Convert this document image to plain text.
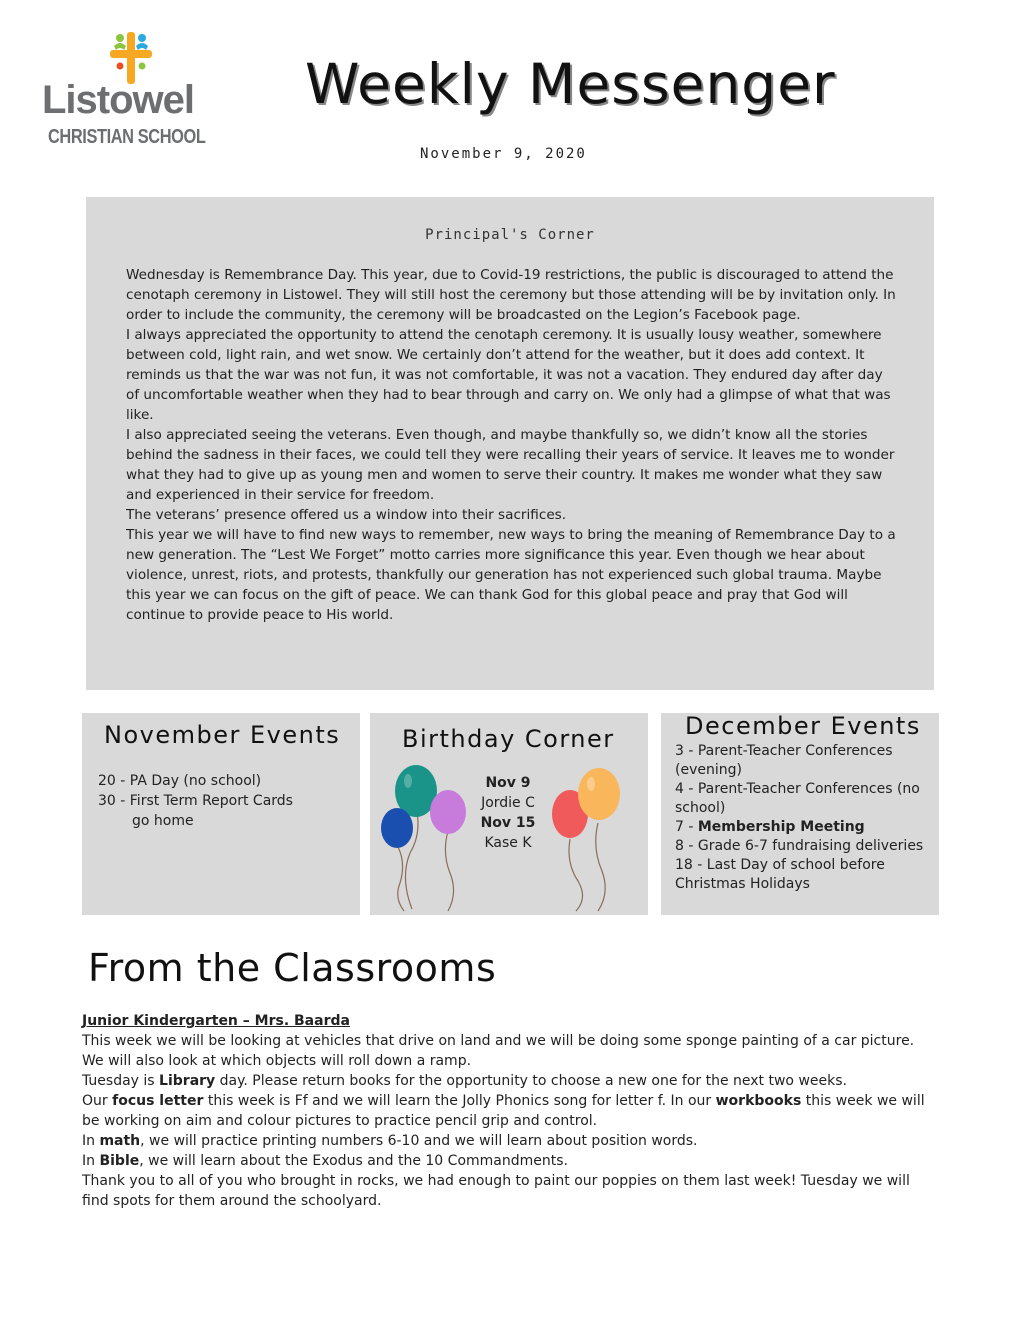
Listowel
CHRISTIAN SCHOOL
Weekly Messenger
November 9, 2020
Principal's Corner

Wednesday is Remembrance Day. This year, due to Covid-19 restrictions, the public is discouraged to attend the cenotaph ceremony in Listowel. They will still host the ceremony but those attending will be by invitation only. In order to include the community, the ceremony will be broadcasted on the Legion’s Facebook page.

I always appreciated the opportunity to attend the cenotaph ceremony. It is usually lousy weather, somewhere between cold, light rain, and wet snow. We certainly don’t attend for the weather, but it does add context. It reminds us that the war was not fun, it was not comfortable, it was not a vacation. They endured day after day of uncomfortable weather when they had to bear through and carry on. We only had a glimpse of what that was like.

I also appreciated seeing the veterans. Even though, and maybe thankfully so, we didn’t know all the stories behind the sadness in their faces, we could tell they were recalling their years of service. It leaves me to wonder what they had to give up as young men and women to serve their country. It makes me wonder what they saw and experienced in their service for freedom.

The veterans’ presence offered us a window into their sacrifices.

This year we will have to find new ways to remember, new ways to bring the meaning of Remembrance Day to a new generation. The “Lest We Forget” motto carries more significance this year. Even though we hear about violence, unrest, riots, and protests, thankfully our generation has not experienced such global trauma. Maybe this year we can focus on the gift of peace. We can thank God for this global peace and pray that God will continue to provide peace to His world.

November Events
20 - PA Day (no school)
30 - First Term Report Cards
go home
Birthday Corner
Nov 9
Jordie C
Nov 15
Kase K
December Events
3 - Parent-Teacher Conferences (evening)
4 - Parent-Teacher Conferences (no school)
7 - Membership Meeting
8 - Grade 6-7 fundraising deliveries
18 - Last Day of school before Christmas Holidays
From the Classrooms

Junior Kindergarten – Mrs. Baarda

This week we will be looking at vehicles that drive on land and we will be doing some sponge painting of a car picture. We will also look at which objects will roll down a ramp.

Tuesday is Library day. Please return books for the opportunity to choose a new one for the next two weeks.

Our focus letter this week is Ff and we will learn the Jolly Phonics song for letter f. In our workbooks this week we will be working on aim and colour pictures to practice pencil grip and control.

In math, we will practice printing numbers 6-10 and we will learn about position words.

In Bible, we will learn about the Exodus and the 10 Commandments.

Thank you to all of you who brought in rocks, we had enough to paint our poppies on them last week! Tuesday we will find spots for them around the schoolyard.
